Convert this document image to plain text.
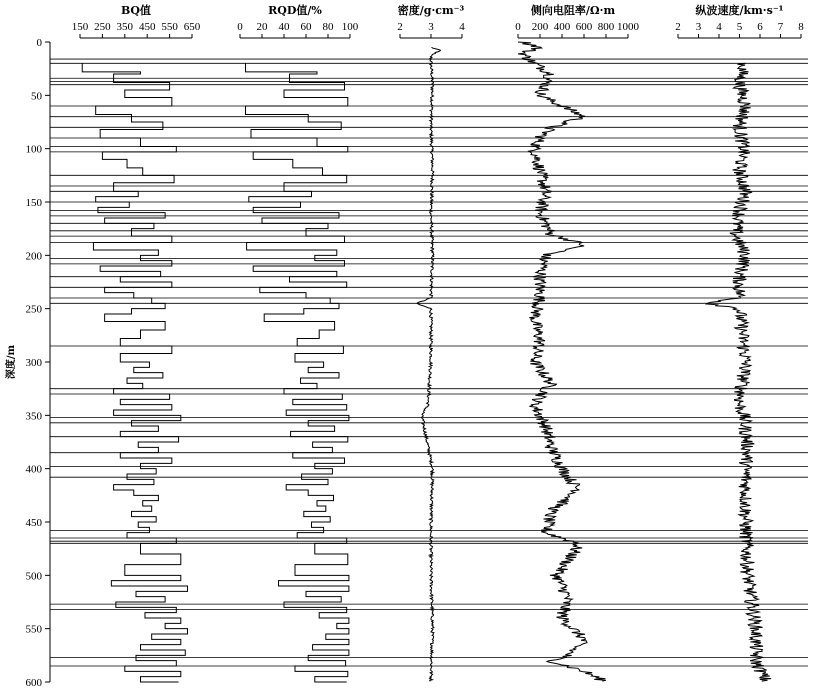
0
50
100
150
200
250
300
350
400
450
500
550
600
深度/m
BQ值
150 250 350 450 550 650
RQD值/%
0 20 40 60 80 100
密度/g·cm⁻³
2 3 4
侧向电阻率/Ω·m
0 200 400 600 800 1000
纵波速度/km·s⁻¹
2 3 4 5 6 7 8
